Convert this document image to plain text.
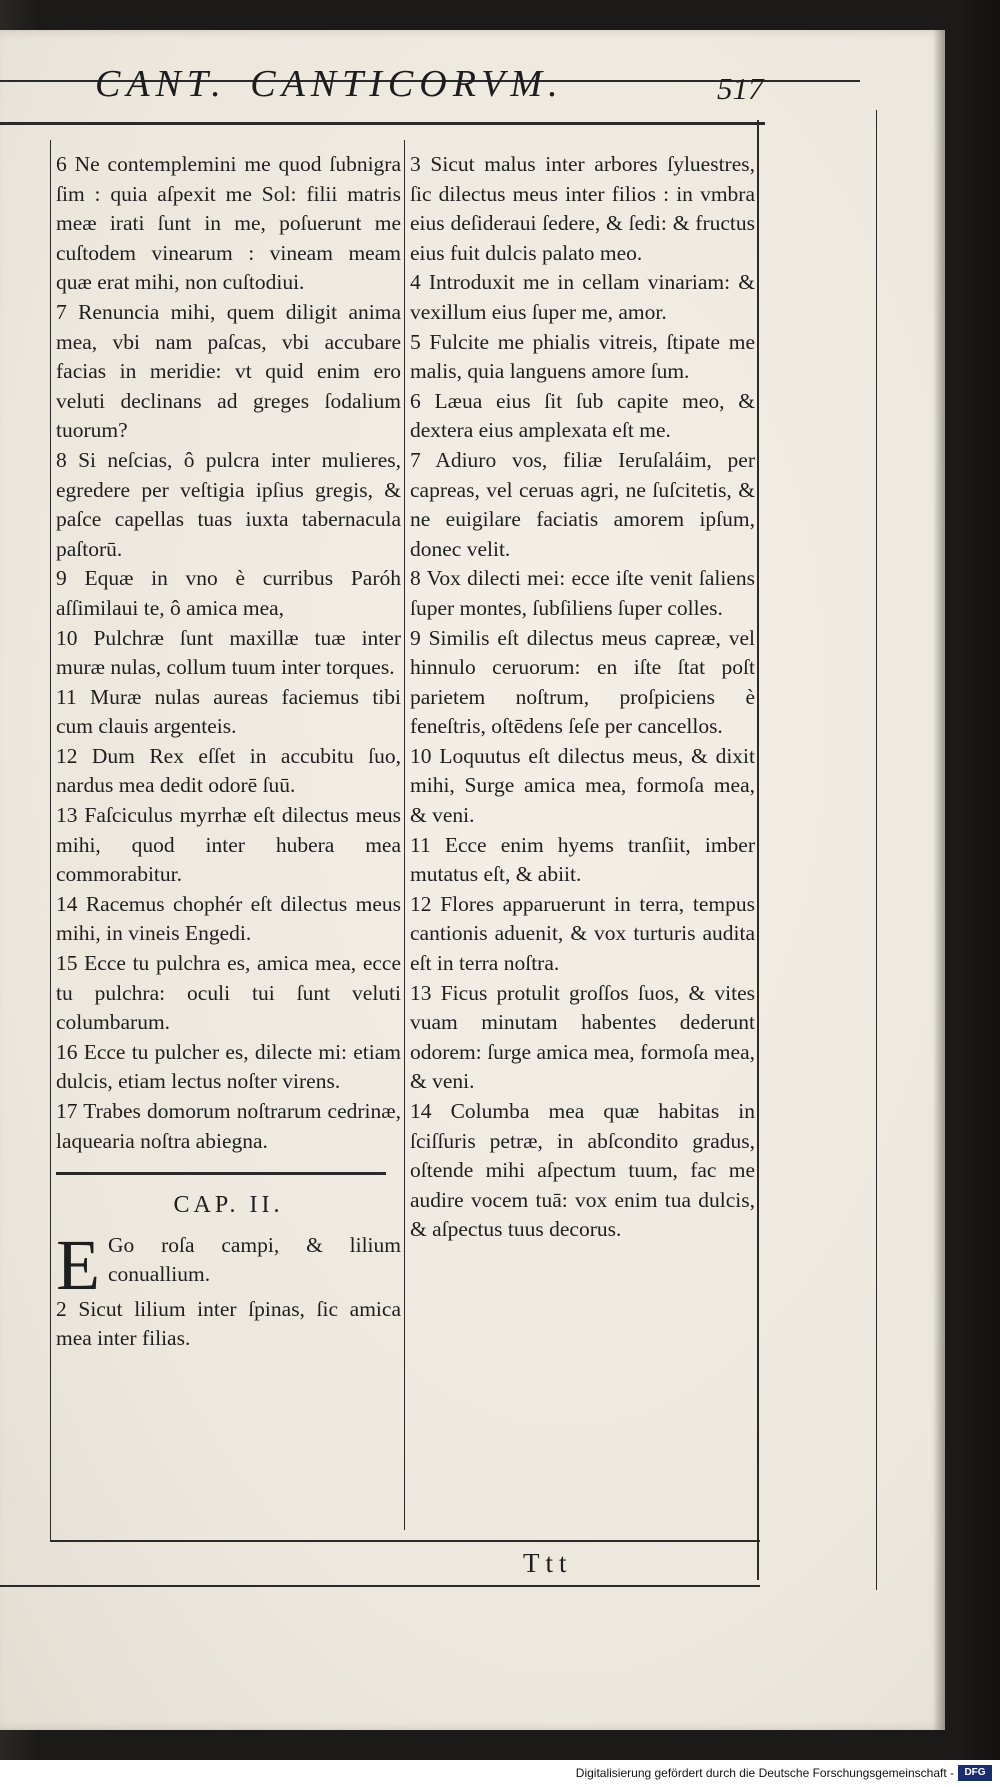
CANT. CANTICORVM.	517

6 Ne contemplemini me quod ſubnigra ſim : quia aſpexit me Sol: filii matris meæ irati ſunt in me, poſuerunt me cuſtodem vinearum : vineam meam quæ erat mihi, non cuſtodiui.

7 Renuncia mihi, quem diligit anima mea, vbi nam paſcas, vbi accubare facias in meridie: vt quid enim ero veluti declinans ad greges ſodalium tuorum?

8 Si neſcias, ô pulcra inter mulieres, egredere per veſtigia ipſius gregis, & paſce capellas tuas iuxta tabernacula paſtorū.

9 Equæ in vno è curribus Paróh aſſimilaui te, ô amica mea,

10 Pulchræ ſunt maxillæ tuæ inter muræ nulas, collum tuum inter torques.

11 Muræ nulas aureas faciemus tibi cum clauis argenteis.

12 Dum Rex eſſet in accubitu ſuo, nardus mea dedit odorē ſuū.

13 Faſciculus myrrhæ eſt dilectus meus mihi, quod inter hubera mea commorabitur.

14 Racemus chophér eſt dilectus meus mihi, in vineis Engedi.

15 Ecce tu pulchra es, amica mea, ecce tu pulchra: oculi tui ſunt veluti columbarum.

16 Ecce tu pulcher es, dilecte mi: etiam dulcis, etiam lectus noſter virens.

17 Trabes domorum noſtrarum cedrinæ, laquearia noſtra abiegna.

CAP. II.
E Go roſa campi, & lilium conuallium.

2 Sicut lilium inter ſpinas, ſic amica mea inter filias.

3 Sicut malus inter arbores ſyluestres, ſic dilectus meus inter filios : in vmbra eius deſideraui ſedere, & ſedi: & fructus eius fuit dulcis palato meo.

4 Introduxit me in cellam vinariam: & vexillum eius ſuper me, amor.

5 Fulcite me phialis vitreis, ſtipate me malis, quia languens amore ſum.

6 Læua eius ſit ſub capite meo, & dextera eius amplexata eſt me.

7 Adiuro vos, filiæ Ieruſaláim, per capreas, vel ceruas agri, ne ſuſcitetis, & ne euigilare faciatis amorem ipſum, donec velit.

8 Vox dilecti mei: ecce iſte venit ſaliens ſuper montes, ſubſiliens ſuper colles.

9 Similis eſt dilectus meus capreæ, vel hinnulo ceruorum: en iſte ſtat poſt parietem noſtrum, proſpiciens è feneſtris, oſtēdens ſeſe per cancellos.

10 Loquutus eſt dilectus meus, & dixit mihi, Surge amica mea, formoſa mea, & veni.

11 Ecce enim hyems tranſiit, imber mutatus eſt, & abiit.

12 Flores apparuerunt in terra, tempus cantionis aduenit, & vox turturis audita eſt in terra noſtra.

13 Ficus protulit groſſos ſuos, & vites vuam minutam habentes dederunt odorem: ſurge amica mea, formoſa mea, & veni.

14 Columba mea quæ habitas in ſciſſuris petræ, in abſcondito gradus, oſtende mihi aſpectum tuum, fac me audire vocem tuā: vox enim tua dulcis, & aſpectus tuus decorus.

Ttt
Digitalisierung gefördert durch die Deutsche Forschungsgemeinschaft -	DFG
